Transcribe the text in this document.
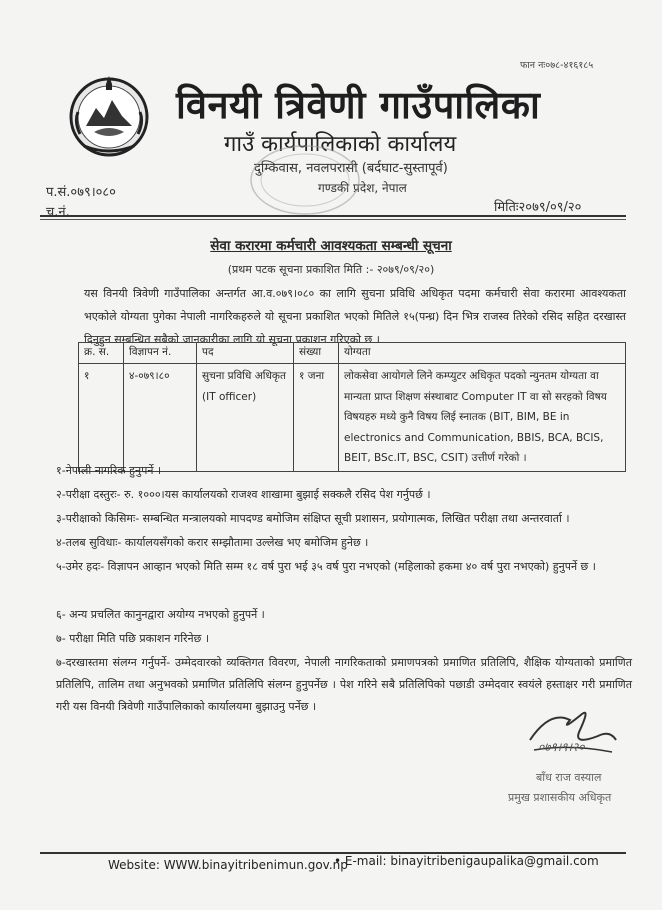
फान नः०७८-४१६१८५
विनयी त्रिवेणी गाउँपालिका
गाउँ कार्यपालिकाको कार्यालय
दुम्किवास, नवलपरासी (बर्दघाट-सुस्तापूर्व)
गण्डकी प्रदेश, नेपाल
प.सं.०७९।०८०
च.नं.	मितिः२०७९/०९/२०
सेवा करारमा कर्मचारी आवश्यकता सम्बन्धी सूचना
(प्रथम पटक सूचना प्रकाशित मिति :- २०७९/०९/२०)
यस विनयी त्रिवेणी गाउँपालिका अन्तर्गत आ.व.०७९।०८० का लागि सुचना प्रविधि अधिकृत पदमा कर्मचारी सेवा करारमा आवश्यकता भएकोले योग्यता पुगेका नेपाली नागरिकहरुले यो सूचना प्रकाशित भएको मितिले १५(पन्ध्र) दिन भित्र राजस्व तिरेको रसिद सहित दरखास्त दिनुहुन सम्बन्धित सबैको जानकारीका लागि यो सूचना प्रकाशन गरिएको छ ।
क्र. स.	विज्ञापन नं.	पद	संख्या	योग्यता
१	४-०७९।८०	सुचना प्रविधि अधिकृत (IT officer)	१ जना	लोकसेवा आयोगले लिने कम्प्युटर अधिकृत पदको न्युनतम योग्यता वा मान्यता प्राप्त शिक्षण संस्थाबाट Computer IT वा सो सरहको विषय विषयहरु मध्ये कुनै विषय लिई स्नातक (BIT, BIM, BE in electronics and Communication, BBIS, BCA, BCIS, BEIT, BSc.IT, BSC, CSIT) उत्तीर्ण गरेको ।
१-नेपाली नागरिक हुनुपर्ने ।
२-परीक्षा दस्तुरः- रु. १०००।यस कार्यालयको राजश्व शाखामा बुझाई सक्कलै रसिद पेश गर्नुपर्छ ।
३-परीक्षाको किसिमः- सम्बन्धित मन्त्रालयको मापदण्ड बमोजिम संक्षिप्त सूची प्रशासन, प्रयोगात्मक, लिखित परीक्षा तथा अन्तरवार्ता ।
४-तलब सुविधाः- कार्यालयसँगको करार सम्झौतामा उल्लेख भए बमोजिम हुनेछ ।
५-उमेर हदः- विज्ञापन आव्हान भएको मिति सम्म १८ वर्ष पुरा भई ३५ वर्ष पुरा नभएको (महिलाको हकमा ४० वर्ष पुरा नभएको) हुनुपर्ने छ ।
६- अन्य प्रचलित कानुनद्वारा अयोग्य नभएको हुनुपर्ने ।
७- परीक्षा मिति पछि प्रकाशन गरिनेछ ।
७-दरखास्तमा संलग्न गर्नुपर्ने- उम्मेदवारको व्यक्तिगत विवरण, नेपाली नागरिकताको प्रमाणपत्रको प्रमाणित प्रतिलिपि, शैक्षिक योग्यताको प्रमाणित प्रतिलिपि, तालिम तथा अनुभवको प्रमाणित प्रतिलिपि संलग्न हुनुपर्नेछ । पेश गरिने सबै प्रतिलिपिको पछाडी उम्मेदवार स्वयंले हस्ताक्षर गरी प्रमाणित गरी यस विनयी त्रिवेणी गाउँपालिकाको कार्यालयमा बुझाउनु पर्नेछ ।
०७९।९।२०
बाँध राज वस्याल
प्रमुख प्रशासकीय अधिकृत
Website: WWW.binayitribenimun.gov.np
• E-mail: binayitribenigaupalika@gmail.com
